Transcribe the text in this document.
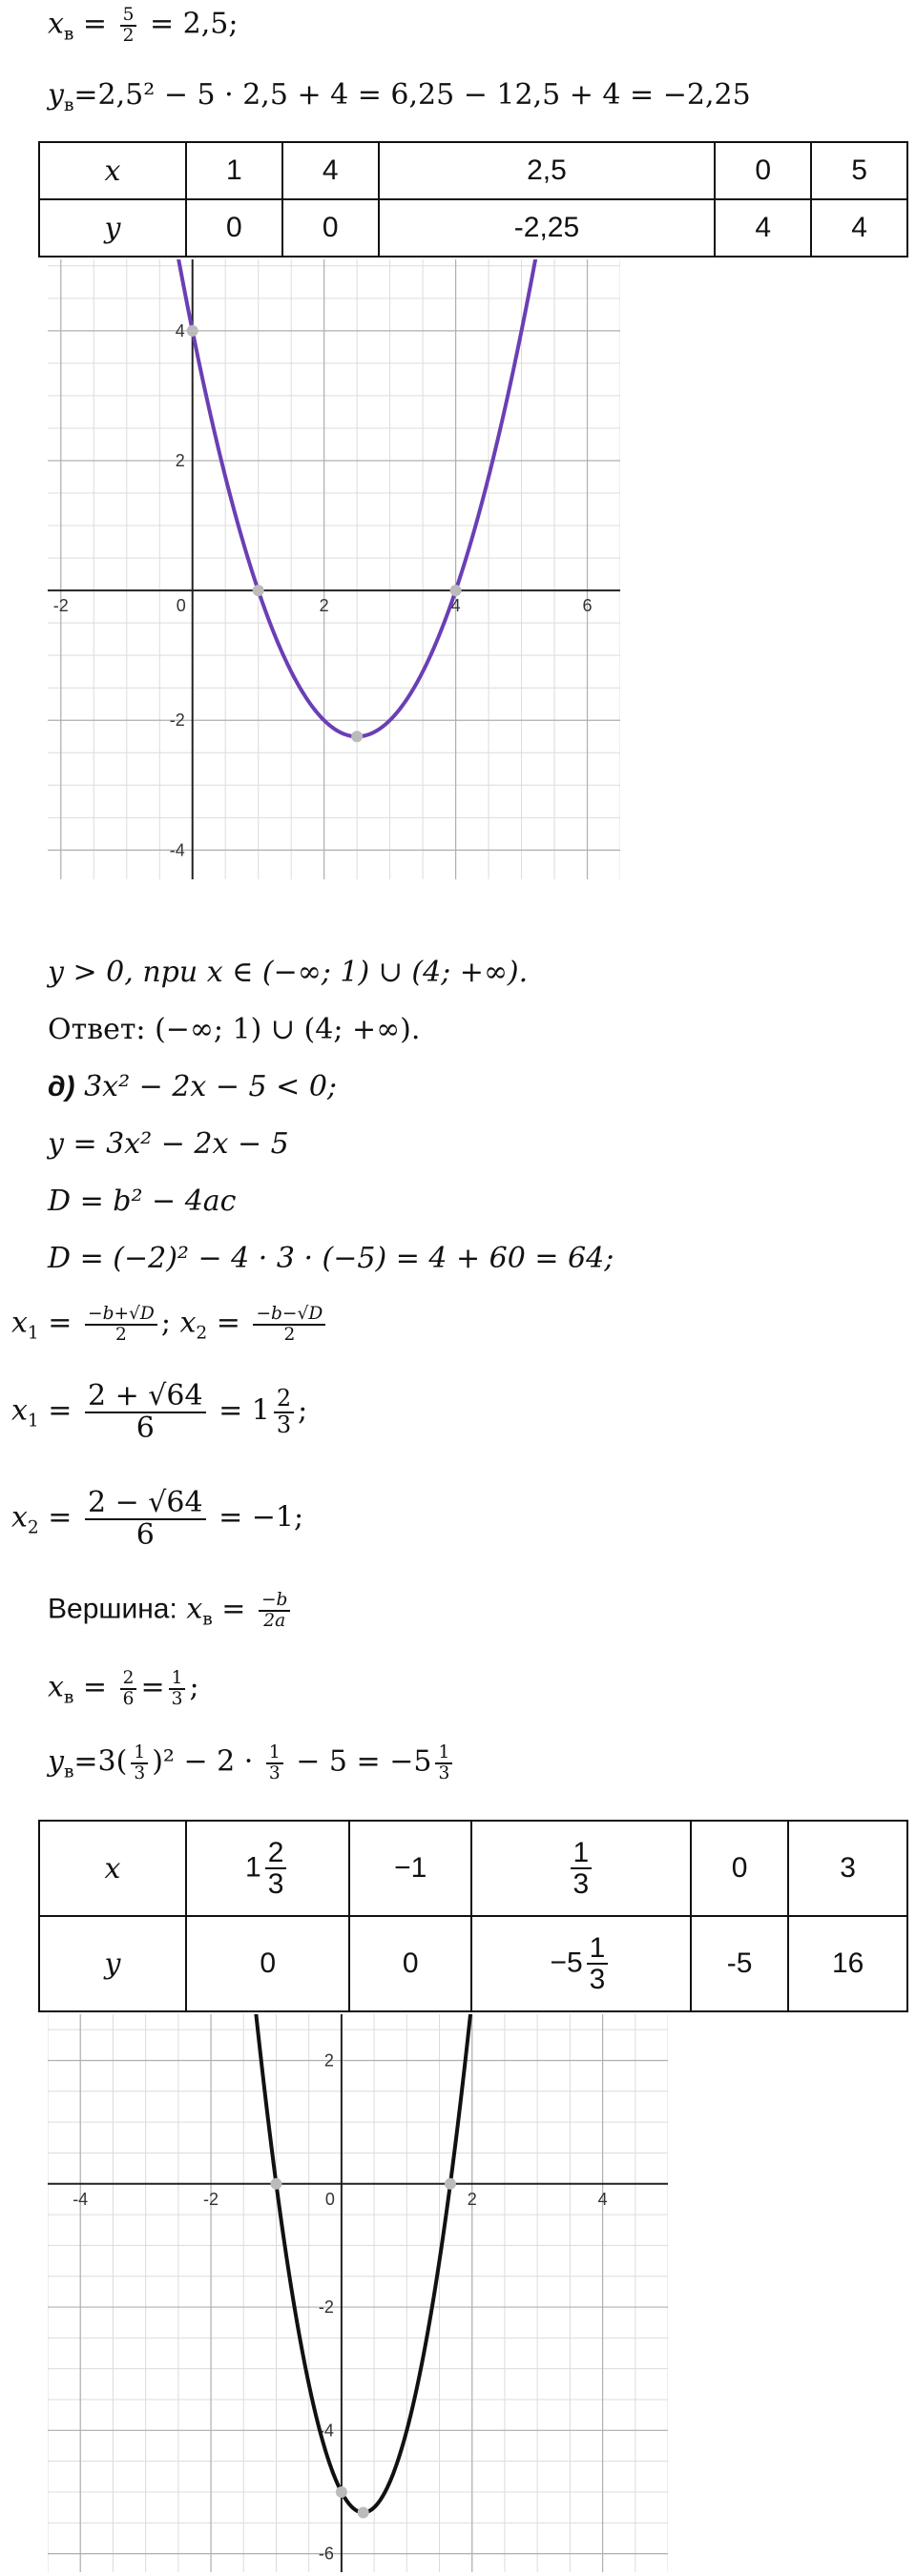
$x_в = \frac{5}{2} = 2,5$;
$y_в=2,5^2 - 5 \cdot 2,5 + 4 = 6,25 - 12,5 + 4 = -2,25$
x	1	4	2,5	0	5
y	0	0	-2,25	4	4
-2	0	2	4	6
4
2
-2
-4
y > 0, при x ∈ (−∞; 1) ∪ (4; +∞).
Ответ: (−∞; 1) ∪ (4; +∞).
д) 3x² − 2x − 5 < 0;
y = 3x² − 2x − 5
D = b² − 4ac
D = (−2)² − 4 · 3 · (−5) = 4 + 60 = 64;
$x_1 = \frac{-b+√D}{2}$ ; $x_2 = \frac{-b-√D}{2}$
$x_1 = \frac{2 + √64}{6} = 1 \frac{2}{3}$ ;
$x_2 = \frac{2 - √64}{6} = -1$;
Вершина: $x_в = \frac{-b}{2a}$
$x_в = \frac{2}{6} = \frac{1}{3}$ ;
$y_в=3( \frac{1}{3} )^2 - 2 \cdot \frac{1}{3} - 5 = -5 \frac{1}{3}$
x	$1 \frac{2}{3}$	−1	$\frac{1}{3}$	0	3
y	0	0	$-5 \frac{1}{3}$	-5	16
-4	-2	0	2	4
2
-2
-4
-6
